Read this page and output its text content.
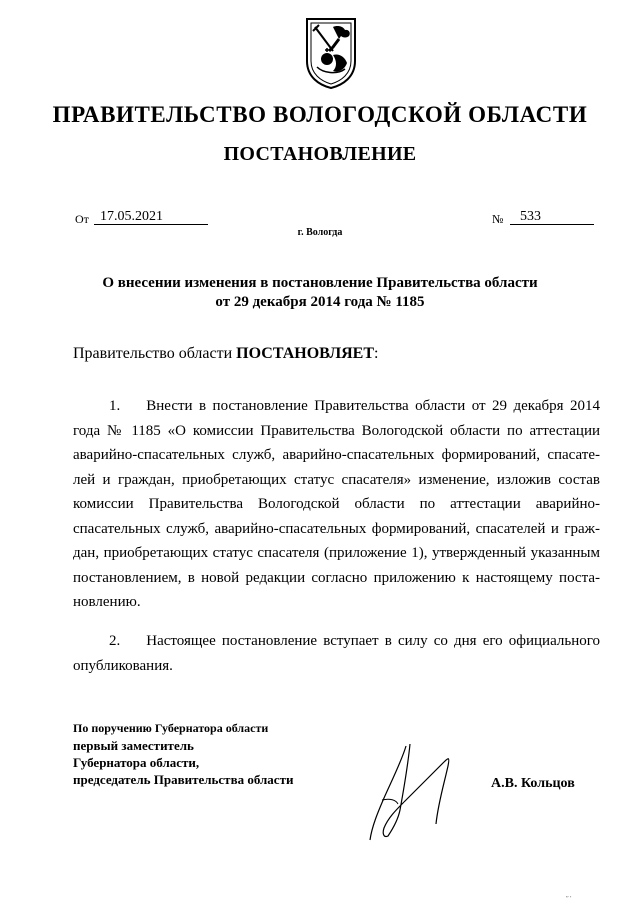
ПРАВИТЕЛЬСТВО ВОЛОГОДСКОЙ ОБЛАСТИ
ПОСТАНОВЛЕНИЕ
От 17.05.2021	№	533
г. Вологда
О внесении изменения в постановление Правительства области
от 29 декабря 2014 года № 1185
Правительство области ПОСТАНОВЛЯЕТ:
1. Внести в постановление Правительства области от 29 декабря 2014 года № 1185 «О комиссии Правительства Вологодской области по аттестации аварийно-спасательных служб, аварийно-спасательных формирований, спасателей и граждан, приобретающих статус спасателя» изменение, изложив состав комиссии Правительства Вологодской области по аттестации аварийно-спасательных служб, аварийно-спасательных формирований, спасателей и граждан, приобретающих статус спасателя (приложение 1), утвержденный указанным постановлением, в новой редакции согласно приложению к настоящему постановлению.
2. Настоящее постановление вступает в силу со дня его официального опубликования.
По поручению Губернатора области
первый заместитель
Губернатора области,
председатель Правительства области	А.В. Кольцов
′′ ′
